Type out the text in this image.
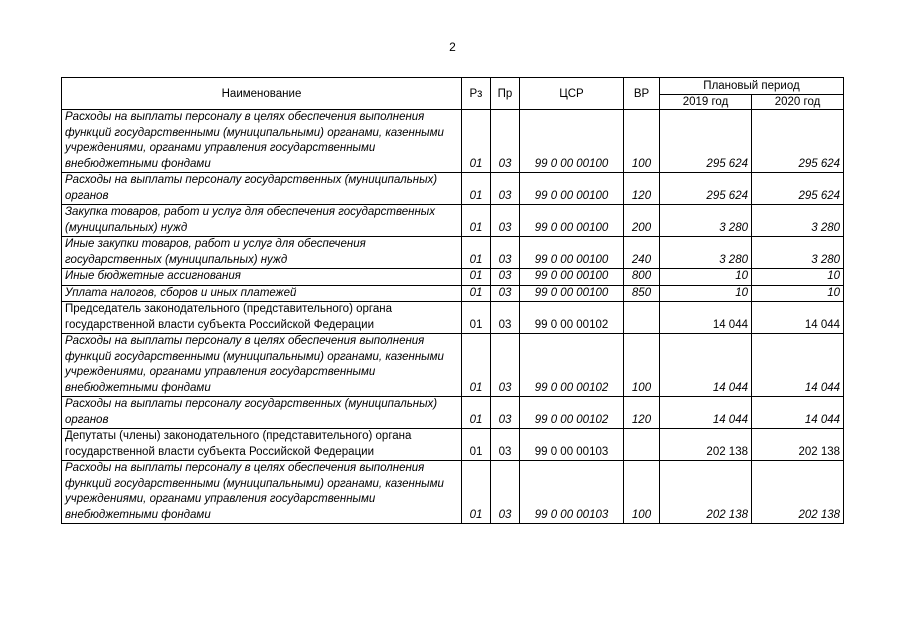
2
Наименование	Рз	Пр	ЦСР	ВР	Плановый период	
					2019 год	2020 год
Расходы на выплаты персоналу в целях обеспечения выполнения функций государственными (муниципальными) органами, казенными учреждениями, органами управления государственными внебюджетными фондами	01	03	99 0 00 00100	100	295 624	295 624
Расходы на выплаты персоналу государственных (муниципальных) органов	01	03	99 0 00 00100	120	295 624	295 624
Закупка товаров, работ и услуг для обеспечения государственных (муниципальных) нужд	01	03	99 0 00 00100	200	3 280	3 280
Иные закупки товаров, работ и услуг для обеспечения государственных (муниципальных) нужд	01	03	99 0 00 00100	240	3 280	3 280
Иные бюджетные ассигнования	01	03	99 0 00 00100	800	10	10
Уплата налогов, сборов и иных платежей	01	03	99 0 00 00100	850	10	10
Председатель законодательного (представительного) органа государственной власти субъекта Российской Федерации	01	03	99 0 00 00102		14 044	14 044
Расходы на выплаты персоналу в целях обеспечения выполнения функций государственными (муниципальными) органами, казенными учреждениями, органами управления государственными внебюджетными фондами	01	03	99 0 00 00102	100	14 044	14 044
Расходы на выплаты персоналу государственных (муниципальных) органов	01	03	99 0 00 00102	120	14 044	14 044
Депутаты (члены) законодательного (представительного) органа государственной власти субъекта Российской Федерации	01	03	99 0 00 00103		202 138	202 138
Расходы на выплаты персоналу в целях обеспечения выполнения функций государственными (муниципальными) органами, казенными учреждениями, органами управления государственными внебюджетными фондами	01	03	99 0 00 00103	100	202 138	202 138
